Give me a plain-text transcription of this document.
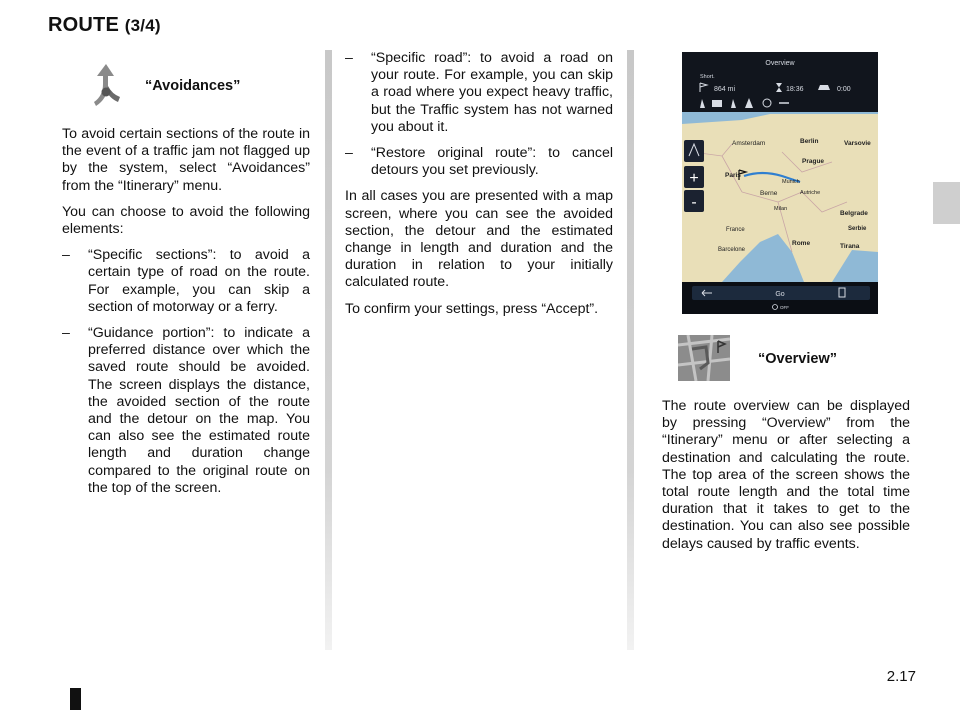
ROUTE (3/4)
“Avoidances”

To avoid certain sections of the route in the event of a traffic jam not flagged up by the system, select “Avoidances” from the “Itinerary” menu.

You can choose to avoid the following elements:

–	“Specific sections”: to avoid a certain type of road on the route. For example, you can skip a section of motorway or a ferry.
–	“Guidance portion”: to indicate a preferred distance over which the saved route should be avoided. The screen displays the distance, the avoided section of the route and the detour on the map. You can also see the estimated route length and duration change compared to the original route on the top of the screen.
–	“Specific road”: to avoid a road on your route. For example, you can skip a road where you expect heavy traffic, but the Traffic system has not warned you about it.
–	“Restore original route”: to cancel detours you set previously.

In all cases you are presented with a map screen, where you can see the avoided section, the detour and the estimated change in length and duration and the duration in relation to your initially calculated route.

To confirm your settings, press “Accept”.

Overview
Short.
864 mi	18:36	0:00
Amsterdam	Berlin	Varsovie
Prague
Paris
Munich
Berne	Autriche
Milan
France
Belgrade
Serbie
Barcelone
Rome	Tirana
+
-
Go
OFF
“Overview”

The route overview can be displayed by pressing “Overview” from the “Itinerary” menu or after selecting a destination and calculating the route. The top area of the screen shows the total route length and the total time duration that it takes to get to the destination. You can also see possible delays caused by traffic events.

2.17
